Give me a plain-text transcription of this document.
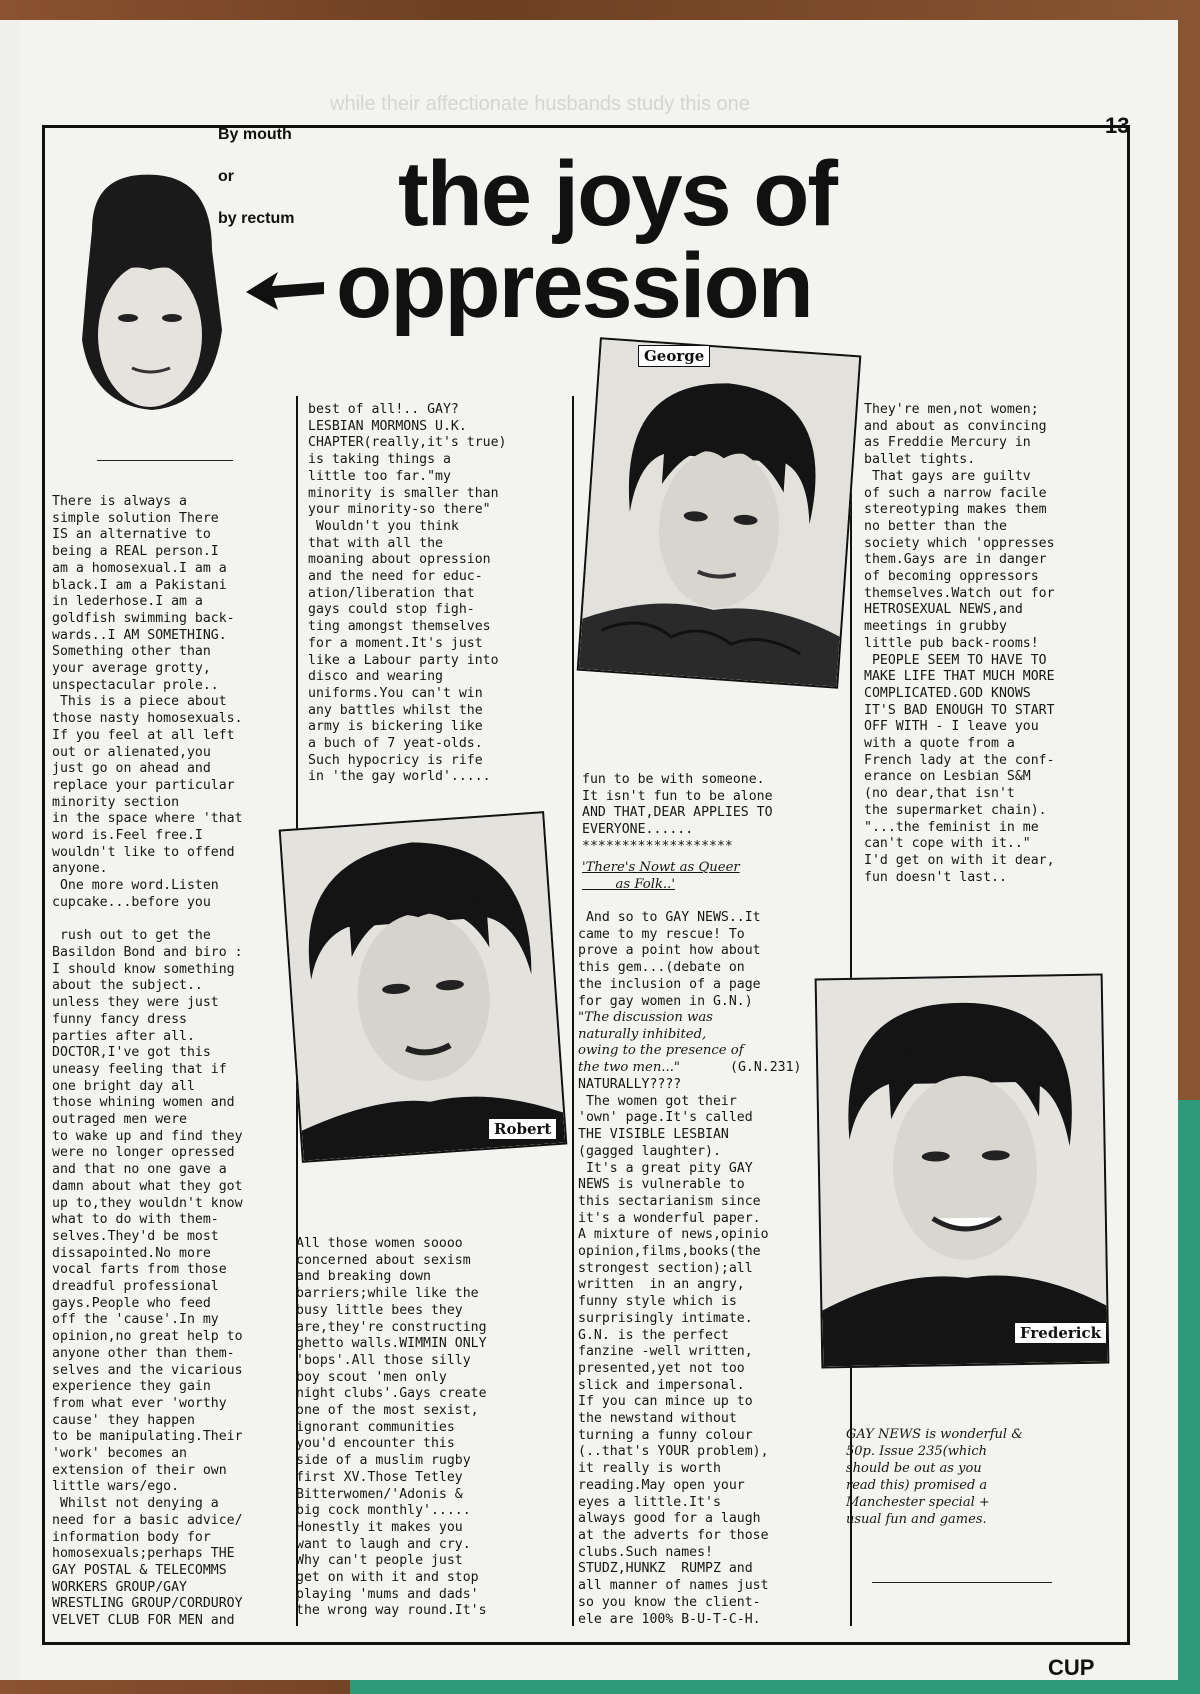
while their affectionate husbands study this one
13
By mouth
or
by rectum the joys of
oppression
There is always a
simple solution There
IS an alternative to
being a REAL person.I
am a homosexual.I am a
black.I am a Pakistani
in lederhose.I am a
goldfish swimming back-
wards..I AM SOMETHING.
Something other than
your average grotty,
unspectacular prole..
This is a piece about
those nasty homosexuals.
If you feel at all left
out or alienated,you
just go on ahead and
replace your particular
minority section
in the space where 'that
word is.Feel free.I
wouldn't like to offend
anyone.
One more word.Listen
cupcake...before you

rush out to get the
Basildon Bond and biro :
I should know something
about the subject..
unless they were just
funny fancy dress
parties after all.
DOCTOR,I've got this
uneasy feeling that if
one bright day all
those whining women and
outraged men were
to wake up and find they
were no longer opressed
and that no one gave a
damn about what they got
up to,they wouldn't know
what to do with them-
selves.They'd be most
dissapointed.No more
vocal farts from those
dreadful professional
gays.People who feed
off the 'cause'.In my
opinion,no great help to
anyone other than them-
selves and the vicarious
experience they gain
from what ever 'worthy
cause' they happen
to be manipulating.Their
'work' becomes an
extension of their own
little wars/ego.
Whilst not denying a
need for a basic advice/
information body for
homosexuals;perhaps THE
GAY POSTAL & TELECOMMS
WORKERS GROUP/GAY
WRESTLING GROUP/CORDUROY
VELVET CLUB FOR MEN and
best of all!.. GAY?
LESBIAN MORMONS U.K.
CHAPTER(really,it's true)
is taking things a
little too far."my
minority is smaller than
your minority-so there"
Wouldn't you think
that with all the
moaning about opression
and the need for educ-
ation/liberation that
gays could stop figh-
ting amongst themselves
for a moment.It's just
like a Labour party into
disco and wearing
uniforms.You can't win
any battles whilst the
army is bickering like
a buch of 7 yeat-olds.
Such hypocricy is rife
in 'the gay world'.....
All those women soooo
concerned about sexism
and breaking down
barriers;while like the
busy little bees they
are,they're constructing
ghetto walls.WIMMIN ONLY
'bops'.All those silly
boy scout 'men only
night clubs'.Gays create
one of the most sexist,
ignorant communities
you'd encounter this
side of a muslim rugby
first XV.Those Tetley
Bitterwomen/'Adonis &
big cock monthly'.....
Honestly it makes you
want to laugh and cry.
Why can't people just
get on with it and stop
playing 'mums and dads'
the wrong way round.It's
Robert
George
fun to be with someone.
It isn't fun to be alone
AND THAT,DEAR APPLIES TO
EVERYONE......
*******************
'There's Nowt as Queer
as Folk..'
And so to GAY NEWS..It
came to my rescue! To
prove a point how about
this gem...(debate on
the inclusion of a page
for gay women in G.N.)
"The discussion was
naturally inhibited,
owing to the presence of
the two men..."	(G.N.231)
NATURALLY????
The women got their
'own' page.It's called
THE VISIBLE LESBIAN
(gagged laughter).
It's a great pity GAY
NEWS is vulnerable to
this sectarianism since
it's a wonderful paper.
A mixture of news,opinio
opinion,films,books(the
strongest section);all
written  in an angry,
funny style which is
surprisingly intimate.
G.N. is the perfect
fanzine -well written,
presented,yet not too
slick and impersonal.
If you can mince up to
the newstand without
turning a funny colour
(..that's YOUR problem),
it really is worth
reading.May open your
eyes a little.It's
always good for a laugh
at the adverts for those
clubs.Such names!
STUDZ,HUNKZ  RUMPZ and
all manner of names just
so you know the client-
ele are 100% B-U-T-C-H.
They're men,not women;
and about as convincing
as Freddie Mercury in
ballet tights.
That gays are guiltv
of such a narrow facile
stereotyping makes them
no better than the
society which 'oppresses
them.Gays are in danger
of becoming oppressors
themselves.Watch out for
HETROSEXUAL NEWS,and
meetings in grubby
little pub back-rooms!
PEOPLE SEEM TO HAVE TO
MAKE LIFE THAT MUCH MORE
COMPLICATED.GOD KNOWS
IT'S BAD ENOUGH TO START
OFF WITH - I leave you
with a quote from a
French lady at the conf-
erance on Lesbian S&M
(no dear,that isn't
the supermarket chain).
"...the feminist in me
can't cope with it.."
I'd get on with it dear,
fun doesn't last..
Frederick
GAY NEWS is wonderful &
50p. Issue 235(which
should be out as you
read this) promised a
Manchester special +
usual fun and games.
CUP
